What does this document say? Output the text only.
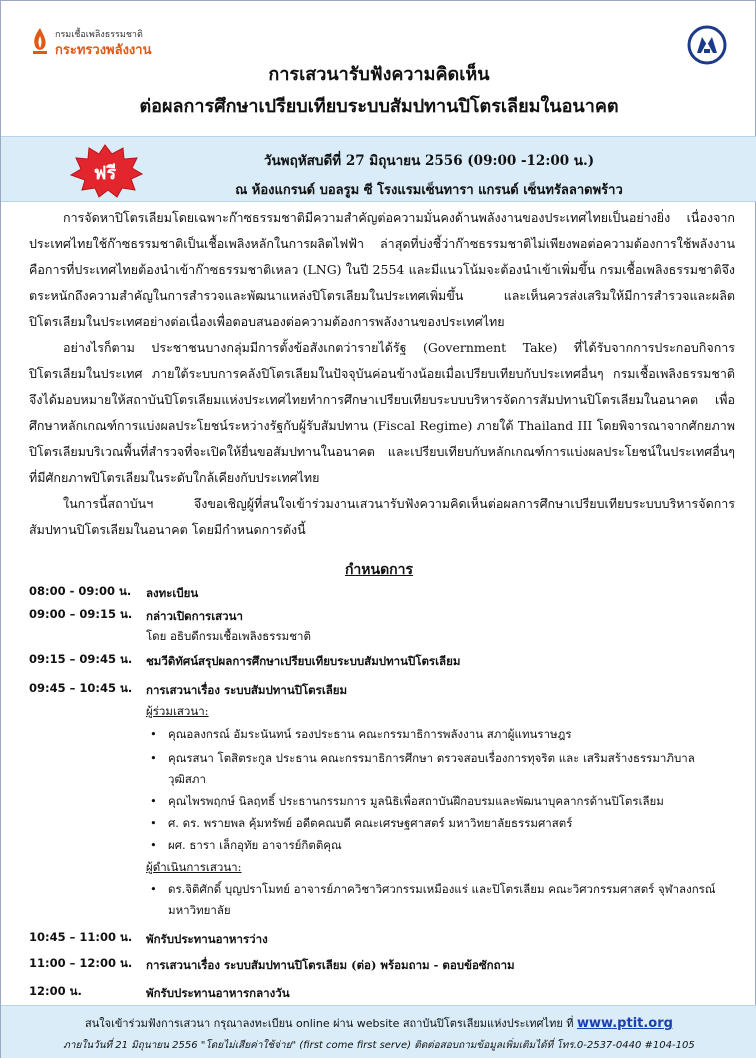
กรมเชื้อเพลิงธรรมชาติ
กระทรวงพลังงาน
การเสวนารับฟังความคิดเห็น
ต่อผลการศึกษาเปรียบเทียบระบบสัมปทานปิโตรเลียมในอนาคต
วันพฤหัสบดีที่ 27 มิถุนายน 2556 (09:00 -12:00 น.)
ณ ห้องแกรนด์ บอลรูม ซี โรงแรมเซ็นทารา แกรนด์ เซ็นทรัลลาดพร้าว
ฟรี

การจัดหาปิโตรเลียมโดยเฉพาะก๊าซธรรมชาติมีความสำคัญต่อความมั่นคงด้านพลังงานของประเทศไทยเป็นอย่างยิ่ง เนื่องจากประเทศไทยใช้ก๊าซธรรมชาติเป็นเชื้อเพลิงหลักในการผลิตไฟฟ้า ล่าสุดที่บ่งชี้ว่าก๊าซธรรมชาติไม่เพียงพอต่อความต้องการใช้พลังงานคือการที่ประเทศไทยต้องนำเข้าก๊าซธรรมชาติเหลว (LNG) ในปี 2554 และมีแนวโน้มจะต้องนำเข้าเพิ่มขึ้น กรมเชื้อเพลิงธรรมชาติจึงตระหนักถึงความสำคัญในการสำรวจและพัฒนาแหล่งปิโตรเลียมในประเทศเพิ่มขึ้น และเห็นควรส่งเสริมให้มีการสำรวจและผลิตปิโตรเลียมในประเทศอย่างต่อเนื่องเพื่อตอบสนองต่อความต้องการพลังงานของประเทศไทย

อย่างไรก็ตาม ประชาชนบางกลุ่มมีการตั้งข้อสังเกตว่ารายได้รัฐ (Government Take) ที่ได้รับจากการประกอบกิจการปิโตรเลียมในประเทศ ภายใต้ระบบการคลังปิโตรเลียมในปัจจุบันค่อนข้างน้อยเมื่อเปรียบเทียบกับประเทศอื่นๆ กรมเชื้อเพลิงธรรมชาติจึงได้มอบหมายให้สถาบันปิโตรเลียมแห่งประเทศไทยทำการศึกษาเปรียบเทียบระบบบริหารจัดการสัมปทานปิโตรเลียมในอนาคต เพื่อศึกษาหลักเกณฑ์การแบ่งผลประโยชน์ระหว่างรัฐกับผู้รับสัมปทาน (Fiscal Regime) ภายใต้ Thailand III โดยพิจารณาจากศักยภาพปิโตรเลียมบริเวณพื้นที่สำรวจที่จะเปิดให้ยื่นขอสัมปทานในอนาคต และเปรียบเทียบกับหลักเกณฑ์การแบ่งผลประโยชน์ในประเทศอื่นๆ ที่มีศักยภาพปิโตรเลียมในระดับใกล้เคียงกับประเทศไทย

ในการนี้สถาบันฯ จึงขอเชิญผู้ที่สนใจเข้าร่วมงานเสวนารับฟังความคิดเห็นต่อผลการศึกษาเปรียบเทียบระบบบริหารจัดการสัมปทานปิโตรเลียมในอนาคต โดยมีกำหนดการดังนี้

กำหนดการ
08:00 - 09:00 น.	ลงทะเบียน
09:00 – 09:15 น.	กล่าวเปิดการเสวนา
โดย อธิบดีกรมเชื้อเพลิงธรรมชาติ
09:15 – 09:45 น.	ชมวีดิทัศน์สรุปผลการศึกษาเปรียบเทียบระบบสัมปทานปิโตรเลียม
09:45 – 10:45 น.	การเสวนาเรื่อง ระบบสัมปทานปิโตรเลียม
ผู้ร่วมเสวนา:
• คุณอลงกรณ์ อัมระนันทน์ รองประธาน คณะกรรมาธิการพลังงาน สภาผู้แทนราษฎร
• คุณรสนา โตสิตระกูล ประธาน คณะกรรมาธิการศึกษา ตรวจสอบเรื่องการทุจริต และ เสริมสร้างธรรมาภิบาล วุฒิสภา
• คุณไพรพฤกษ์ นิลฤทธิ์ ประธานกรรมการ มูลนิธิเพื่อสถาบันฝึกอบรมและพัฒนาบุคลากรด้านปิโตรเลียม
• ศ. ดร. พรายพล คุ้มทรัพย์ อดีตคณบดี คณะเศรษฐศาสตร์ มหาวิทยาลัยธรรมศาสตร์
• ผศ. ธารา เล็กอุทัย อาจารย์กิตติคุณ
ผู้ดำเนินการเสวนา:
• ดร.จิติศักดิ์ บุญปราโมทย์ อาจารย์ภาควิชาวิศวกรรมเหมืองแร่ และปิโตรเลียม คณะวิศวกรรมศาสตร์ จุฬาลงกรณ์มหาวิทยาลัย
10:45 – 11:00 น.	พักรับประทานอาหารว่าง
11:00 – 12:00 น.	การเสวนาเรื่อง ระบบสัมปทานปิโตรเลียม (ต่อ) พร้อมถาม - ตอบข้อซักถาม
12:00 น.	พักรับประทานอาหารกลางวัน
สนใจเข้าร่วมฟังการเสวนา กรุณาลงทะเบียน online ผ่าน website สถาบันปิโตรเลียมแห่งประเทศไทย ที่ www.ptit.org
ภายในวันที่ 21 มิถุนายน 2556 "โดยไม่เสียค่าใช้จ่าย" (first come first serve) ติดต่อสอบถามข้อมูลเพิ่มเติมได้ที่ โทร.0-2537-0440 #104-105
